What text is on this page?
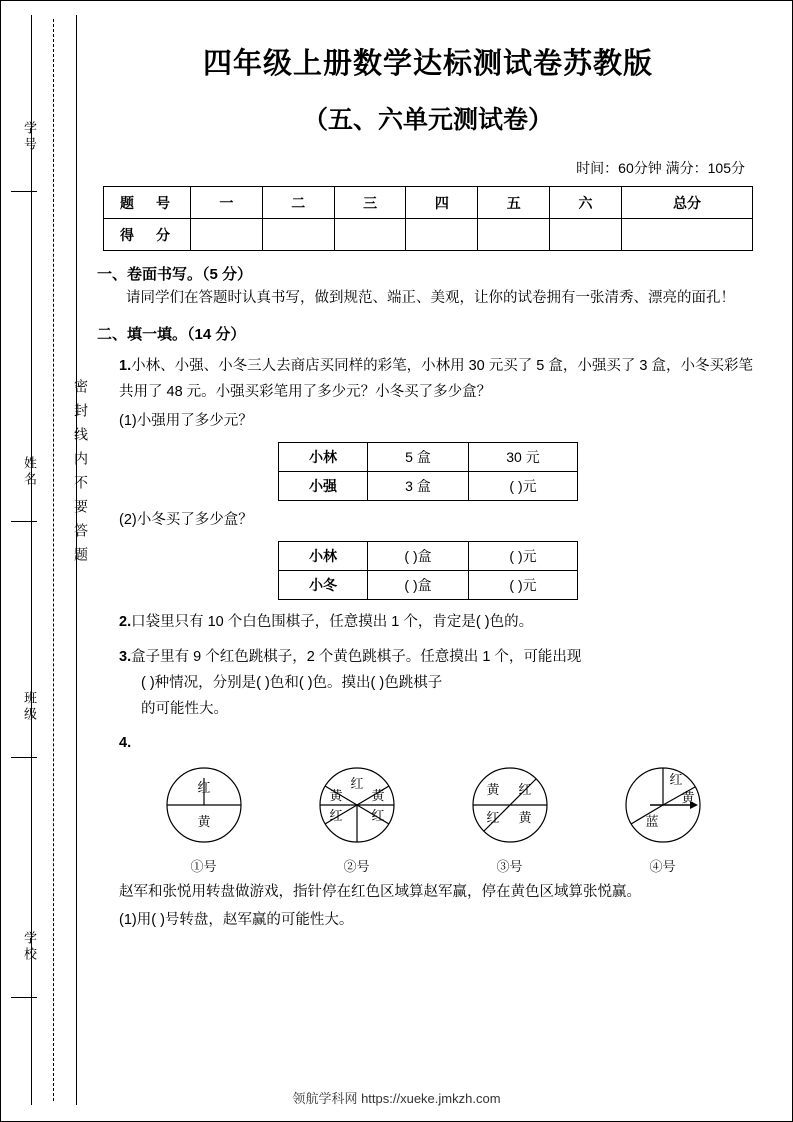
学号
姓名
班级
学校
密封线内不要答题
四年级上册数学达标测试卷苏教版
（五、六单元测试卷）
时间：60分钟 满分：105分
题　号	一	二	三	四	五	六	总分
得　分							
一、卷面书写。（5 分）
请同学们在答题时认真书写，做到规范、端正、美观，让你的试卷拥有一张清秀、漂亮的面孔！
二、填一填。（14 分）
1.小林、小强、小冬三人去商店买同样的彩笔，小林用 30 元买了 5 盒，小强买了 3 盒，小冬买彩笔共用了 48 元。小强买彩笔用了多少元？小冬买了多少盒？
(1)小强用了多少元？
小林	5 盒	30 元
小强	3 盒	( )元
(2)小冬买了多少盒？
小林	( )盒	( )元
小冬	( )盒	( )元
2.口袋里只有 10 个白色围棋子，任意摸出 1 个，肯定是( )色的。
3.盒子里有 9 个红色跳棋子，2 个黄色跳棋子。任意摸出 1 个，可能出现
( )种情况，分别是( )色和( )色。摸出( )色跳棋子
的可能性大。
4.
红
黄
①号
红
黄 黄
红 红
②号
黄 红
红 黄
③号
红
黄
蓝
④号
赵军和张悦用转盘做游戏，指针停在红色区域算赵军赢，停在黄色区域算张悦赢。
(1)用( )号转盘，赵军赢的可能性大。
领航学科网 https://xueke.jmkzh.com
